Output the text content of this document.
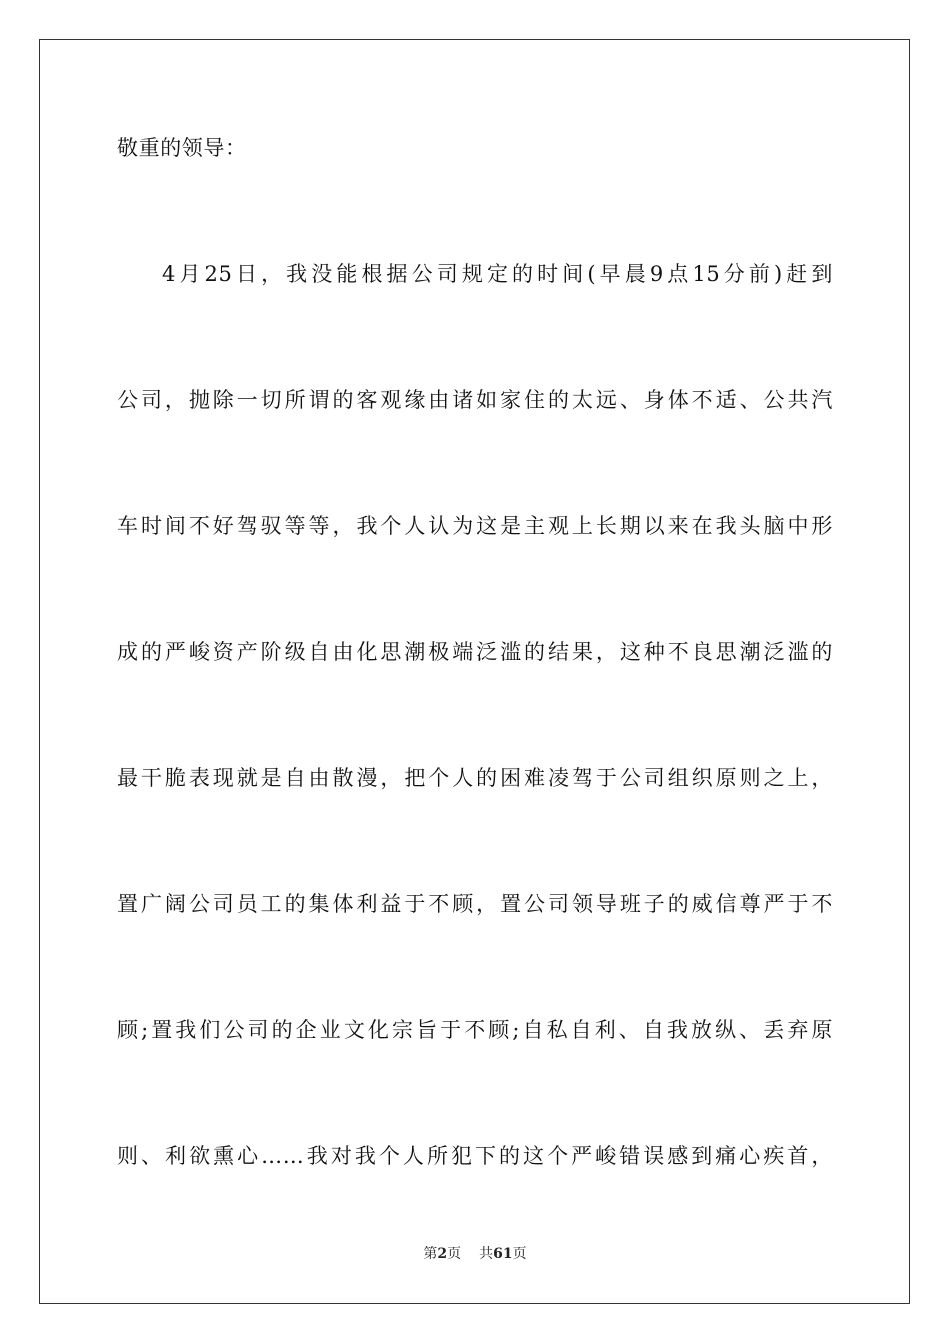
敬重的领导：
4月25日，我没能根据公司规定的时间(早晨9点15分前)赶到
公司，抛除一切所谓的客观缘由诸如家住的太远、身体不适、公共汽
车时间不好驾驭等等，我个人认为这是主观上长期以来在我头脑中形
成的严峻资产阶级自由化思潮极端泛滥的结果，这种不良思潮泛滥的
最干脆表现就是自由散漫，把个人的困难凌驾于公司组织原则之上，
置广阔公司员工的集体利益于不顾，置公司领导班子的威信尊严于不
顾;置我们公司的企业文化宗旨于不顾;自私自利、自我放纵、丢弃原
则、利欲熏心……我对我个人所犯下的这个严峻错误感到痛心疾首，
第2页 共61页
